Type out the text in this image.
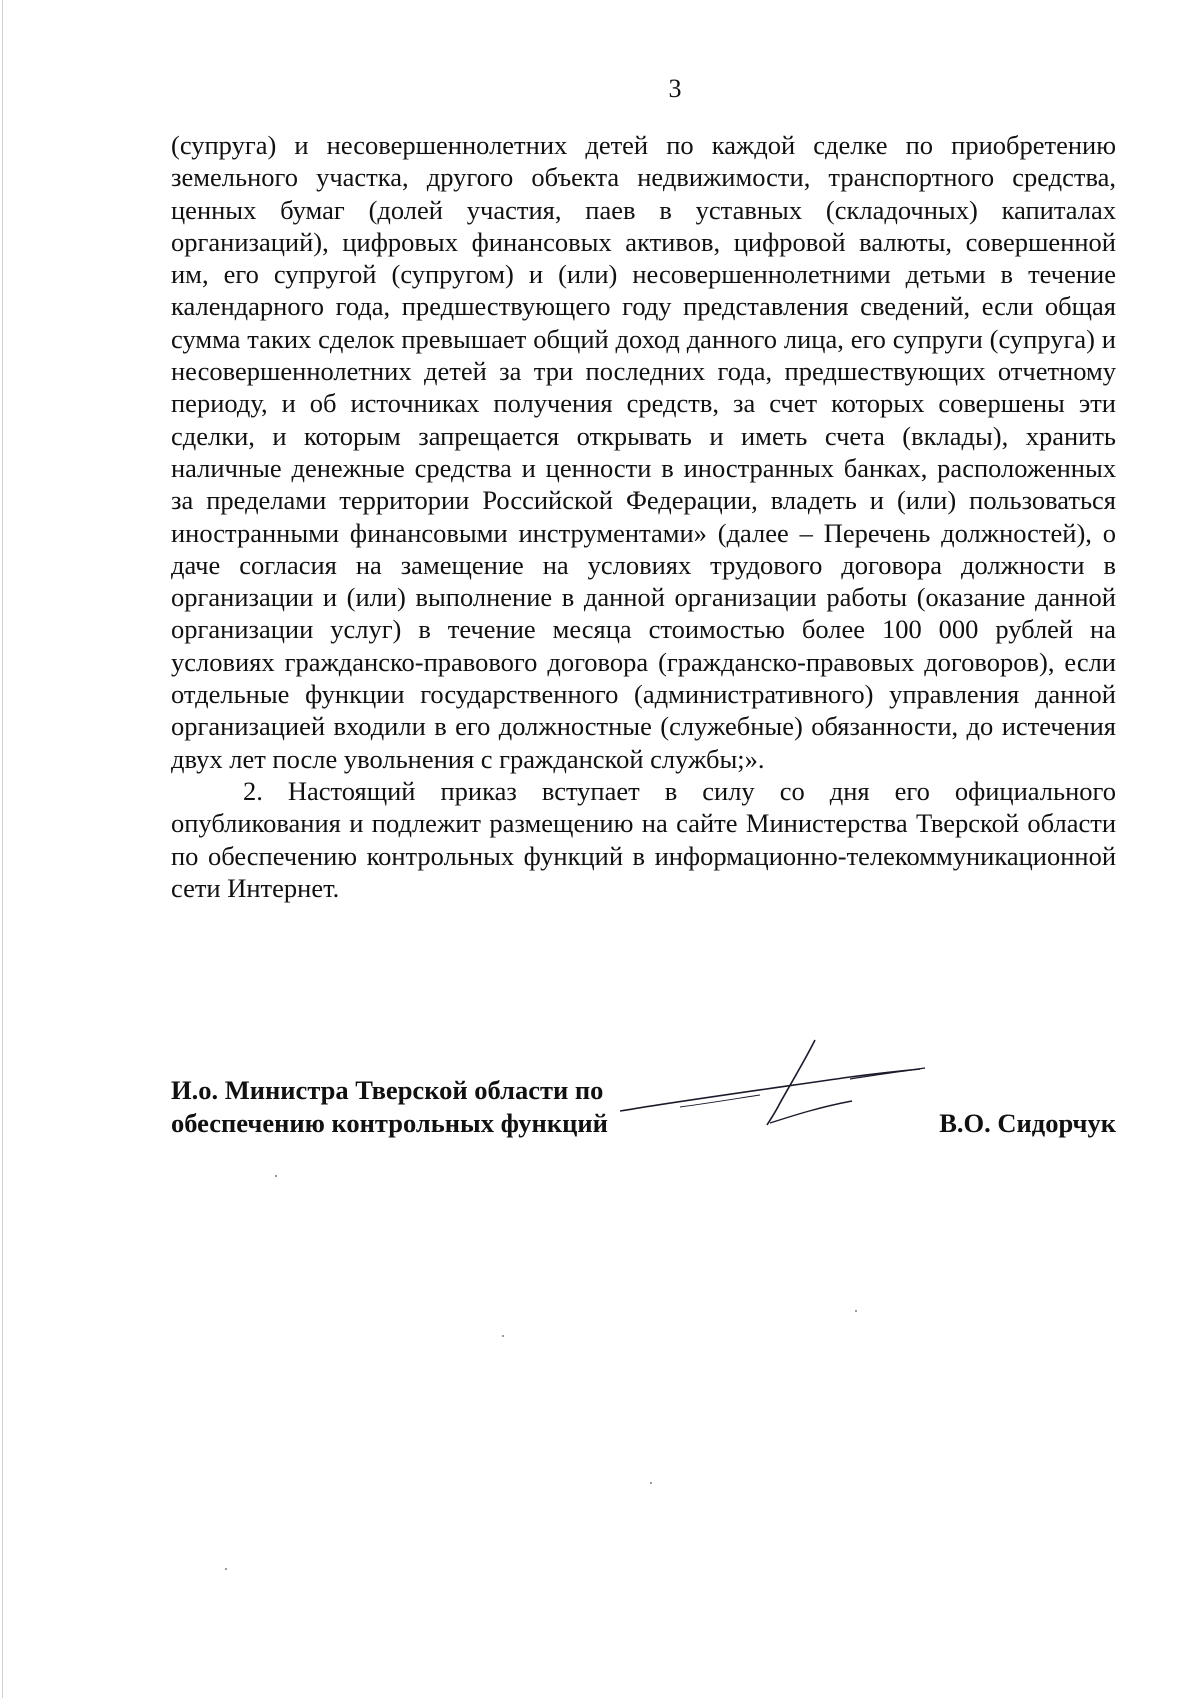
3

(супруга) и несовершеннолетних детей по каждой сделке по приобретению земельного участка, другого объекта недвижимости, транспортного средства, ценных бумаг (долей участия, паев в уставных (складочных) капиталах организаций), цифровых финансовых активов, цифровой валюты, совершенной им, его супругой (супругом) и (или) несовершеннолетними детьми в течение календарного года, предшествующего году представления сведений, если общая сумма таких сделок превышает общий доход данного лица, его супруги (супруга) и несовершеннолетних детей за три последних года, предшествующих отчетному периоду, и об источниках получения средств, за счет которых совершены эти сделки, и которым запрещается открывать и иметь счета (вклады), хранить наличные денежные средства и ценности в иностранных банках, расположенных за пределами территории Российской Федерации, владеть и (или) пользоваться иностранными финансовыми инструментами» (далее – Перечень должностей), о даче согласия на замещение на условиях трудового договора должности в организации и (или) выполнение в данной организации работы (оказание данной организации услуг) в течение месяца стоимостью более 100 000 рублей на условиях гражданско-правового договора (гражданско-правовых договоров), если отдельные функции государственного (административного) управления данной организацией входили в его должностные (служебные) обязанности, до истечения двух лет после увольнения с гражданской службы;».

2. Настоящий приказ вступает в силу со дня его официального опубликования и подлежит размещению на сайте Министерства Тверской области по обеспечению контрольных функций в информационно-телекоммуникационной сети Интернет.

И.о. Министра Тверской области по
обеспечению контрольных функций	В.О. Сидорчук
